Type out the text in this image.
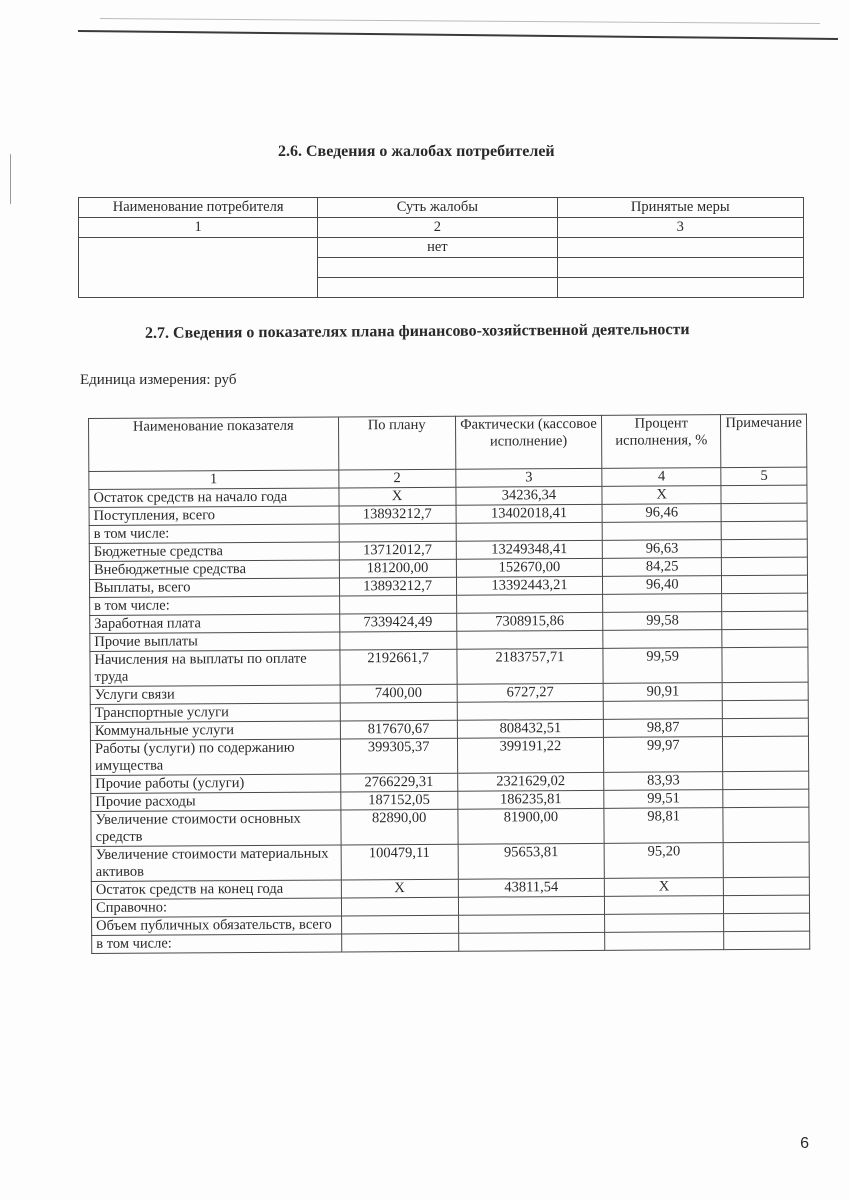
2.6. Сведения о жалобах потребителей
Наименование потребителя	Суть жалобы	Принятые меры
1	2	3
	нет	

2.7. Сведения о показателях плана финансово-хозяйственной деятельности
Единица измерения: руб
Наименование показателя	По плану	Фактически (кассовое исполнение)	Процент исполнения, %	Примечание
1	2	3	4	5
Остаток средств на начало года	X	34236,34	X	
Поступления, всего	13893212,7	13402018,41	96,46	
в том числе:				
Бюджетные средства	13712012,7	13249348,41	96,63	
Внебюджетные средства	181200,00	152670,00	84,25	
Выплаты, всего	13893212,7	13392443,21	96,40	
в том числе:				
Заработная плата	7339424,49	7308915,86	99,58	
Прочие выплаты				
Начисления на выплаты по оплате труда	2192661,7	2183757,71	99,59	
Услуги связи	7400,00	6727,27	90,91	
Транспортные услуги				
Коммунальные услуги	817670,67	808432,51	98,87	
Работы (услуги) по содержанию имущества	399305,37	399191,22	99,97	
Прочие работы (услуги)	2766229,31	2321629,02	83,93	
Прочие расходы	187152,05	186235,81	99,51	
Увеличение стоимости основных средств	82890,00	81900,00	98,81	
Увеличение стоимости материальных активов	100479,11	95653,81	95,20	
Остаток средств на конец года	X	43811,54	X	
Справочно:				
Объем публичных обязательств, всего				
в том числе:				
6
